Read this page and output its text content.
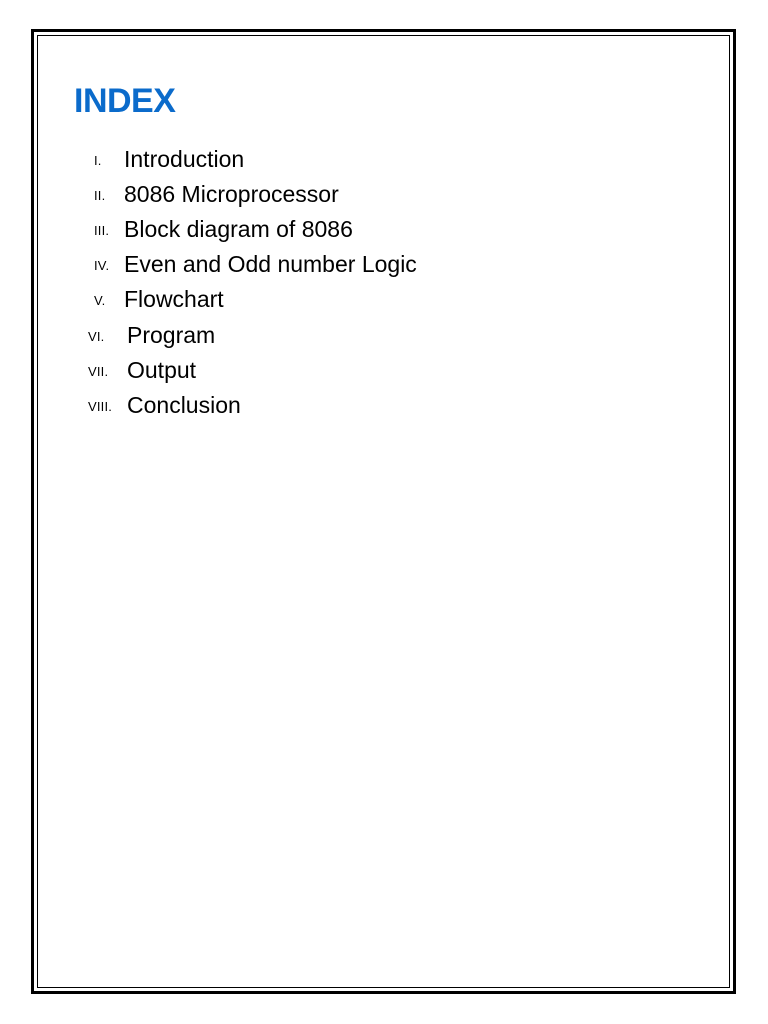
INDEX
I. Introduction
II. 8086 Microprocessor
III. Block diagram of 8086
IV. Even and Odd number Logic
V. Flowchart
VI. Program
VII. Output
VIII. Conclusion
